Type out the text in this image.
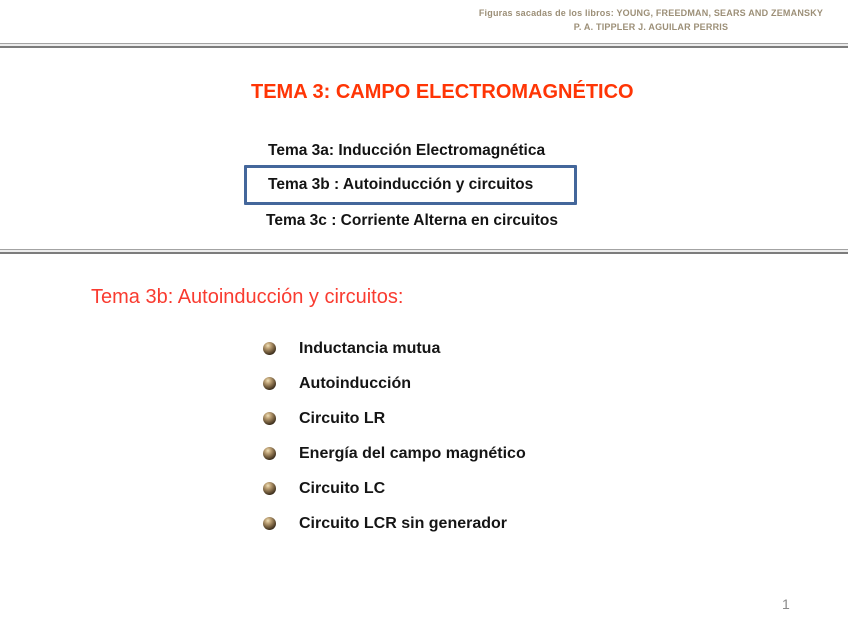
Figuras sacadas de los libros: YOUNG, FREEDMAN, SEARS AND ZEMANSKY
P. A. TIPPLER J. AGUILAR PERRIS
TEMA 3: CAMPO ELECTROMAGNÉTICO
Tema 3a: Inducción Electromagnética
Tema 3b : Autoinducción y circuitos
Tema 3c : Corriente Alterna en circuitos
Tema 3b: Autoinducción y circuitos:
Inductancia mutua
Autoinducción
Circuito LR
Energía del campo magnético
Circuito LC
Circuito LCR sin generador
1
